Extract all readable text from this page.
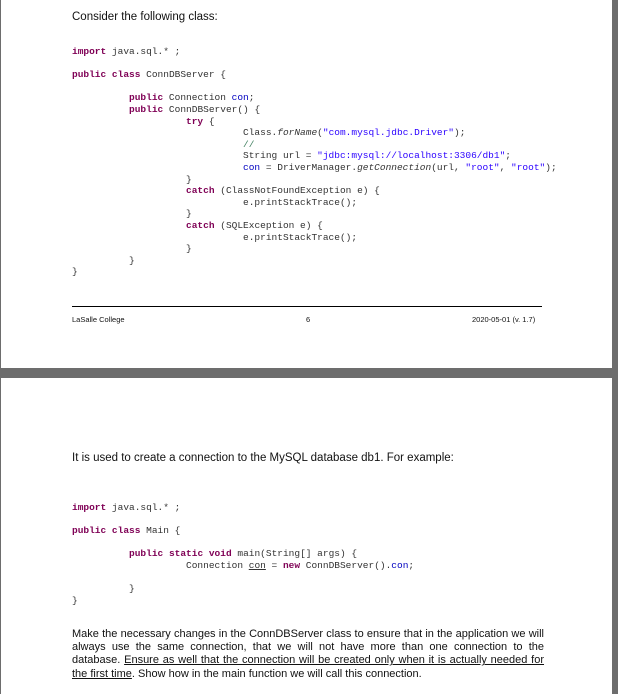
Consider the following class:
import java.sql.* ;

public class ConnDBServer {

public Connection con;
public ConnDBServer() {
try {
Class.forName("com.mysql.jdbc.Driver");
//
String url = "jdbc:mysql://localhost:3306/db1";
con = DriverManager.getConnection(url, "root", "root");
}
catch (ClassNotFoundException e) {
e.printStackTrace();
}
catch (SQLException e) {
e.printStackTrace();
}
}
}
LaSalle College	6	2020-05-01 (v. 1.7)
It is used to create a connection to the MySQL database db1. For example:
import java.sql.* ;

public class Main {

public static void main(String[] args) {
Connection con = new ConnDBServer().con;

}
}

Make the necessary changes in the ConnDBServer class to ensure that in the application we will always use the same connection, that we will not have more than one connection to the database. Ensure as well that the connection will be created only when it is actually needed for the first time. Show how in the main function we will call this connection.
